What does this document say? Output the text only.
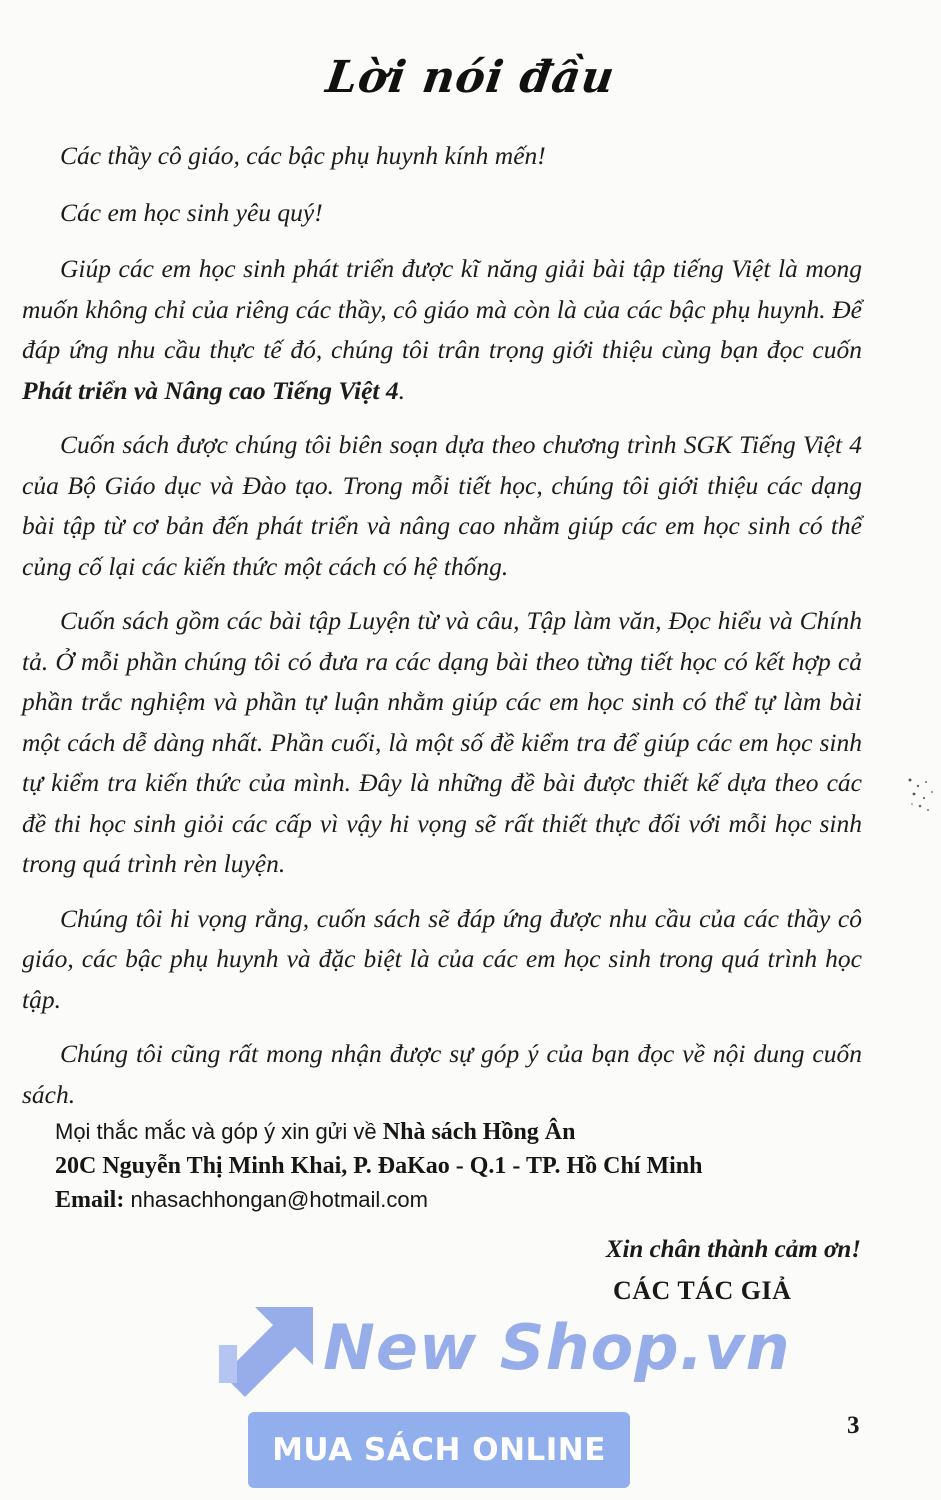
Lời nói đầu

Các thầy cô giáo, các bậc phụ huynh kính mến!

Các em học sinh yêu quý!

Giúp các em học sinh phát triển được kĩ năng giải bài tập tiếng Việt là mong muốn không chỉ của riêng các thầy, cô giáo mà còn là của các bậc phụ huynh. Để đáp ứng nhu cầu thực tế đó, chúng tôi trân trọng giới thiệu cùng bạn đọc cuốn Phát triển và Nâng cao Tiếng Việt 4.

Cuốn sách được chúng tôi biên soạn dựa theo chương trình SGK Tiếng Việt 4 của Bộ Giáo dục và Đào tạo. Trong mỗi tiết học, chúng tôi giới thiệu các dạng bài tập từ cơ bản đến phát triển và nâng cao nhằm giúp các em học sinh có thể củng cố lại các kiến thức một cách có hệ thống.

Cuốn sách gồm các bài tập Luyện từ và câu, Tập làm văn, Đọc hiểu và Chính tả. Ở mỗi phần chúng tôi có đưa ra các dạng bài theo từng tiết học có kết hợp cả phần trắc nghiệm và phần tự luận nhằm giúp các em học sinh có thể tự làm bài một cách dễ dàng nhất. Phần cuối, là một số đề kiểm tra để giúp các em học sinh tự kiểm tra kiến thức của mình. Đây là những đề bài được thiết kế dựa theo các đề thi học sinh giỏi các cấp vì vậy hi vọng sẽ rất thiết thực đối với mỗi học sinh trong quá trình rèn luyện.

Chúng tôi hi vọng rằng, cuốn sách sẽ đáp ứng được nhu cầu của các thầy cô giáo, các bậc phụ huynh và đặc biệt là của các em học sinh trong quá trình học tập.

Chúng tôi cũng rất mong nhận được sự góp ý của bạn đọc về nội dung cuốn sách.

Mọi thắc mắc và góp ý xin gửi về Nhà sách Hồng Ân
20C Nguyễn Thị Minh Khai, P. ĐaKao - Q.1 - TP. Hồ Chí Minh
Email: nhasachhongan@hotmail.com
Xin chân thành cảm ơn!
CÁC TÁC GIẢ
New Shop.vn
MUA SÁCH ONLINE
3
